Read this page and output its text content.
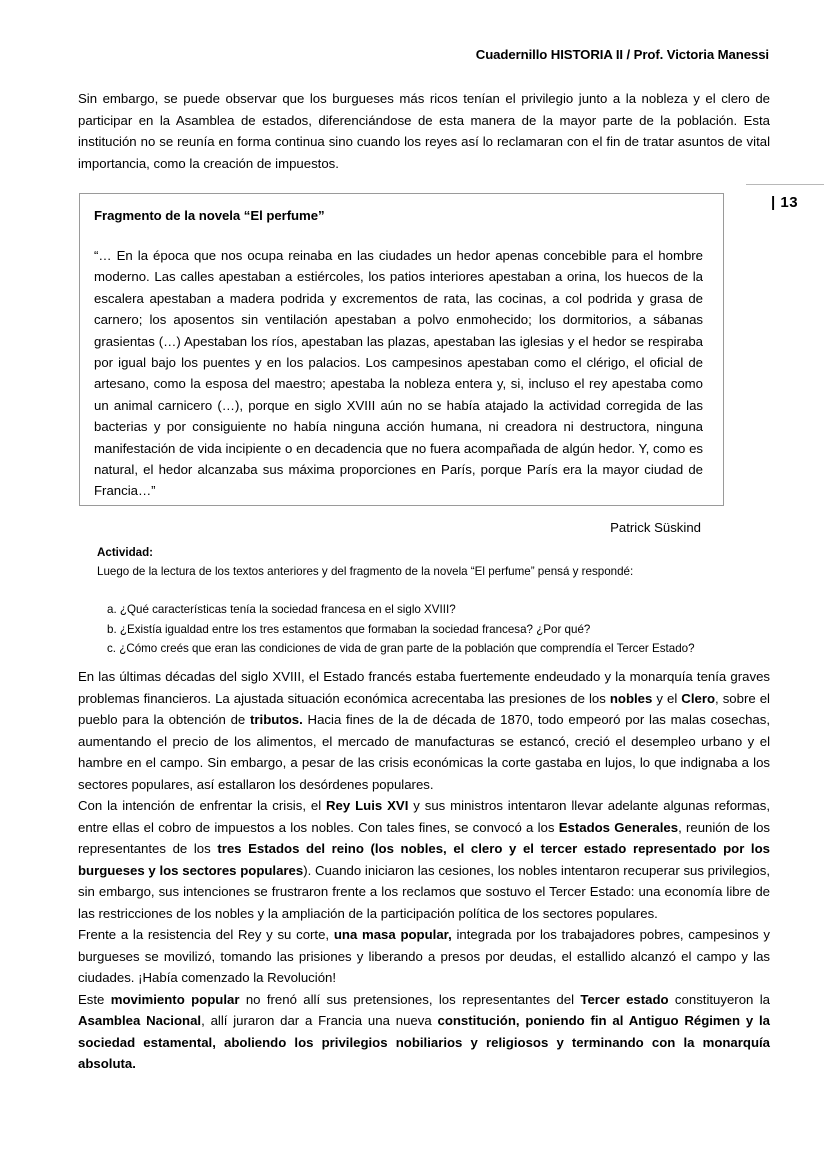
Cuadernillo HISTORIA II / Prof. Victoria Manessi
Sin embargo, se puede observar que los burgueses más ricos tenían el privilegio junto a la nobleza y el clero de participar en la Asamblea de estados, diferenciándose de esta manera de la mayor parte de la población. Esta institución no se reunía en forma continua sino cuando los reyes así lo reclamaran con el fin de tratar asuntos de vital importancia, como la creación de impuestos.
| 13
Fragmento de la novela “El perfume”
“… En la época que nos ocupa reinaba en las ciudades un hedor apenas concebible para el hombre moderno. Las calles apestaban a estiércoles, los patios interiores apestaban a orina, los huecos de la escalera apestaban a madera podrida y excrementos de rata, las cocinas, a col podrida y grasa de carnero; los aposentos sin ventilación apestaban a polvo enmohecido; los dormitorios, a sábanas grasientas (…) Apestaban los ríos, apestaban las plazas, apestaban las iglesias y el hedor se respiraba por igual bajo los puentes y en los palacios. Los campesinos apestaban como el clérigo, el oficial de artesano, como la esposa del maestro; apestaba la nobleza entera y, si, incluso el rey apestaba como un animal carnicero (…), porque en siglo XVIII aún no se había atajado la actividad corregida de las bacterias y por consiguiente no había ninguna acción humana, ni creadora ni destructora, ninguna manifestación de vida incipiente o en decadencia que no fuera acompañada de algún hedor. Y, como es natural, el hedor alcanzaba sus máxima proporciones en París, porque París era la mayor ciudad de Francia…”
Patrick Süskind
Actividad:
Luego de la lectura de los textos anteriores y del fragmento de la novela “El perfume” pensá y respondé:
a. ¿Qué características tenía la sociedad francesa en el siglo XVIII?
b. ¿Existía igualdad entre los tres estamentos que formaban la sociedad francesa? ¿Por qué?
c. ¿Cómo creés que eran las condiciones de vida de gran parte de la población que comprendía el Tercer Estado?

En las últimas décadas del siglo XVIII, el Estado francés estaba fuertemente endeudado y la monarquía tenía graves problemas financieros. La ajustada situación económica acrecentaba las presiones de los nobles y el Clero, sobre el pueblo para la obtención de tributos. Hacia fines de la de década de 1870, todo empeoró por las malas cosechas, aumentando el precio de los alimentos, el mercado de manufacturas se estancó, creció el desempleo urbano y el hambre en el campo. Sin embargo, a pesar de las crisis económicas la corte gastaba en lujos, lo que indignaba a los sectores populares, así estallaron los desórdenes populares.

Con la intención de enfrentar la crisis, el Rey Luis XVI y sus ministros intentaron llevar adelante algunas reformas, entre ellas el cobro de impuestos a los nobles. Con tales fines, se convocó a los Estados Generales, reunión de los representantes de los tres Estados del reino (los nobles, el clero y el tercer estado representado por los burgueses y los sectores populares). Cuando iniciaron las cesiones, los nobles intentaron recuperar sus privilegios, sin embargo, sus intenciones se frustraron frente a los reclamos que sostuvo el Tercer Estado: una economía libre de las restricciones de los nobles y la ampliación de la participación política de los sectores populares.

Frente a la resistencia del Rey y su corte, una masa popular, integrada por los trabajadores pobres, campesinos y burgueses se movilizó, tomando las prisiones y liberando a presos por deudas, el estallido alcanzó el campo y las ciudades. ¡Había comenzado la Revolución!

Este movimiento popular no frenó allí sus pretensiones, los representantes del Tercer estado constituyeron la Asamblea Nacional, allí juraron dar a Francia una nueva constitución, poniendo fin al Antiguo Régimen y la sociedad estamental, aboliendo los privilegios nobiliarios y religiosos y terminando con la monarquía absoluta.
